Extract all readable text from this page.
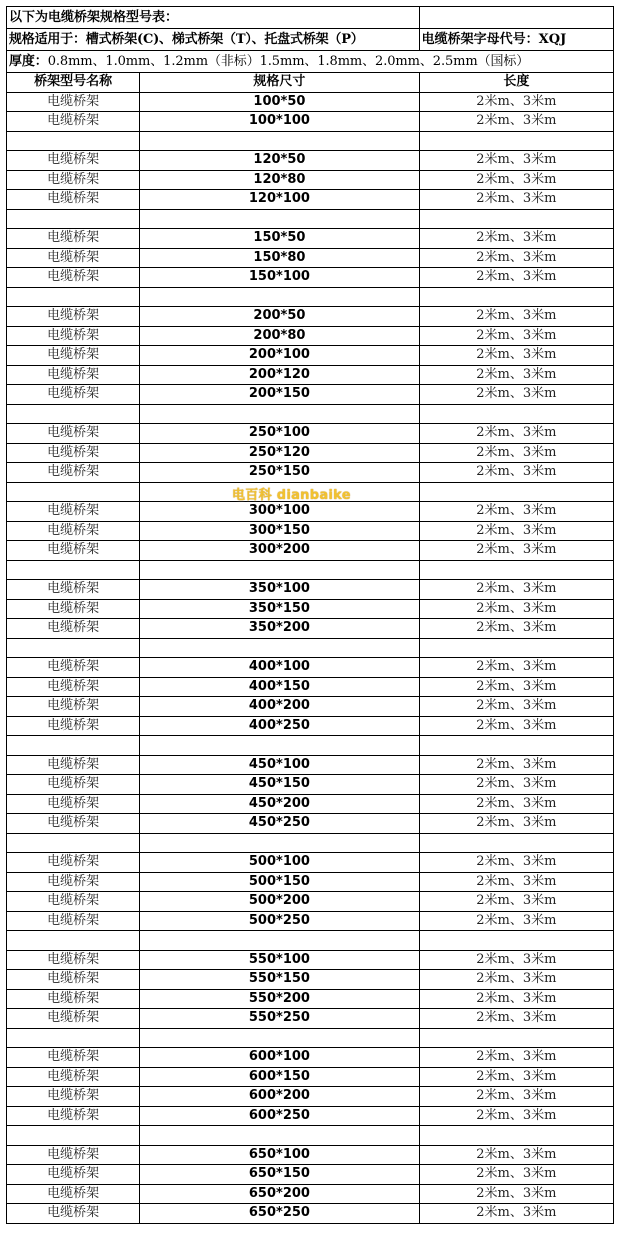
以下为电缆桥架规格型号表：		
规格适用于：槽式桥架(C)、梯式桥架（T）、托盘式桥架（P）		电缆桥架字母代号：XQJ
厚度：0.8mm、1.0mm、1.2mm（非标）1.5mm、1.8mm、2.0mm、2.5mm（国标）		
桥架型号名称	规格尺寸	长度
电缆桥架	100*50	2米m、3米m
电缆桥架	100*100	2米m、3米m

电缆桥架	120*50	2米m、3米m
电缆桥架	120*80	2米m、3米m
电缆桥架	120*100	2米m、3米m

电缆桥架	150*50	2米m、3米m
电缆桥架	150*80	2米m、3米m
电缆桥架	150*100	2米m、3米m

电缆桥架	200*50	2米m、3米m
电缆桥架	200*80	2米m、3米m
电缆桥架	200*100	2米m、3米m
电缆桥架	200*120	2米m、3米m
电缆桥架	200*150	2米m、3米m

电缆桥架	250*100	2米m、3米m
电缆桥架	250*120	2米m、3米m
电缆桥架	250*150	2米m、3米m

电缆桥架	300*100	2米m、3米m
电缆桥架	300*150	2米m、3米m
电缆桥架	300*200	2米m、3米m

电缆桥架	350*100	2米m、3米m
电缆桥架	350*150	2米m、3米m
电缆桥架	350*200	2米m、3米m

电缆桥架	400*100	2米m、3米m
电缆桥架	400*150	2米m、3米m
电缆桥架	400*200	2米m、3米m
电缆桥架	400*250	2米m、3米m

电缆桥架	450*100	2米m、3米m
电缆桥架	450*150	2米m、3米m
电缆桥架	450*200	2米m、3米m
电缆桥架	450*250	2米m、3米m

电缆桥架	500*100	2米m、3米m
电缆桥架	500*150	2米m、3米m
电缆桥架	500*200	2米m、3米m
电缆桥架	500*250	2米m、3米m

电缆桥架	550*100	2米m、3米m
电缆桥架	550*150	2米m、3米m
电缆桥架	550*200	2米m、3米m
电缆桥架	550*250	2米m、3米m

电缆桥架	600*100	2米m、3米m
电缆桥架	600*150	2米m、3米m
电缆桥架	600*200	2米m、3米m
电缆桥架	600*250	2米m、3米m

电缆桥架	650*100	2米m、3米m
电缆桥架	650*150	2米m、3米m
电缆桥架	650*200	2米m、3米m
电缆桥架	650*250	2米m、3米m
电百科 dianbaike
